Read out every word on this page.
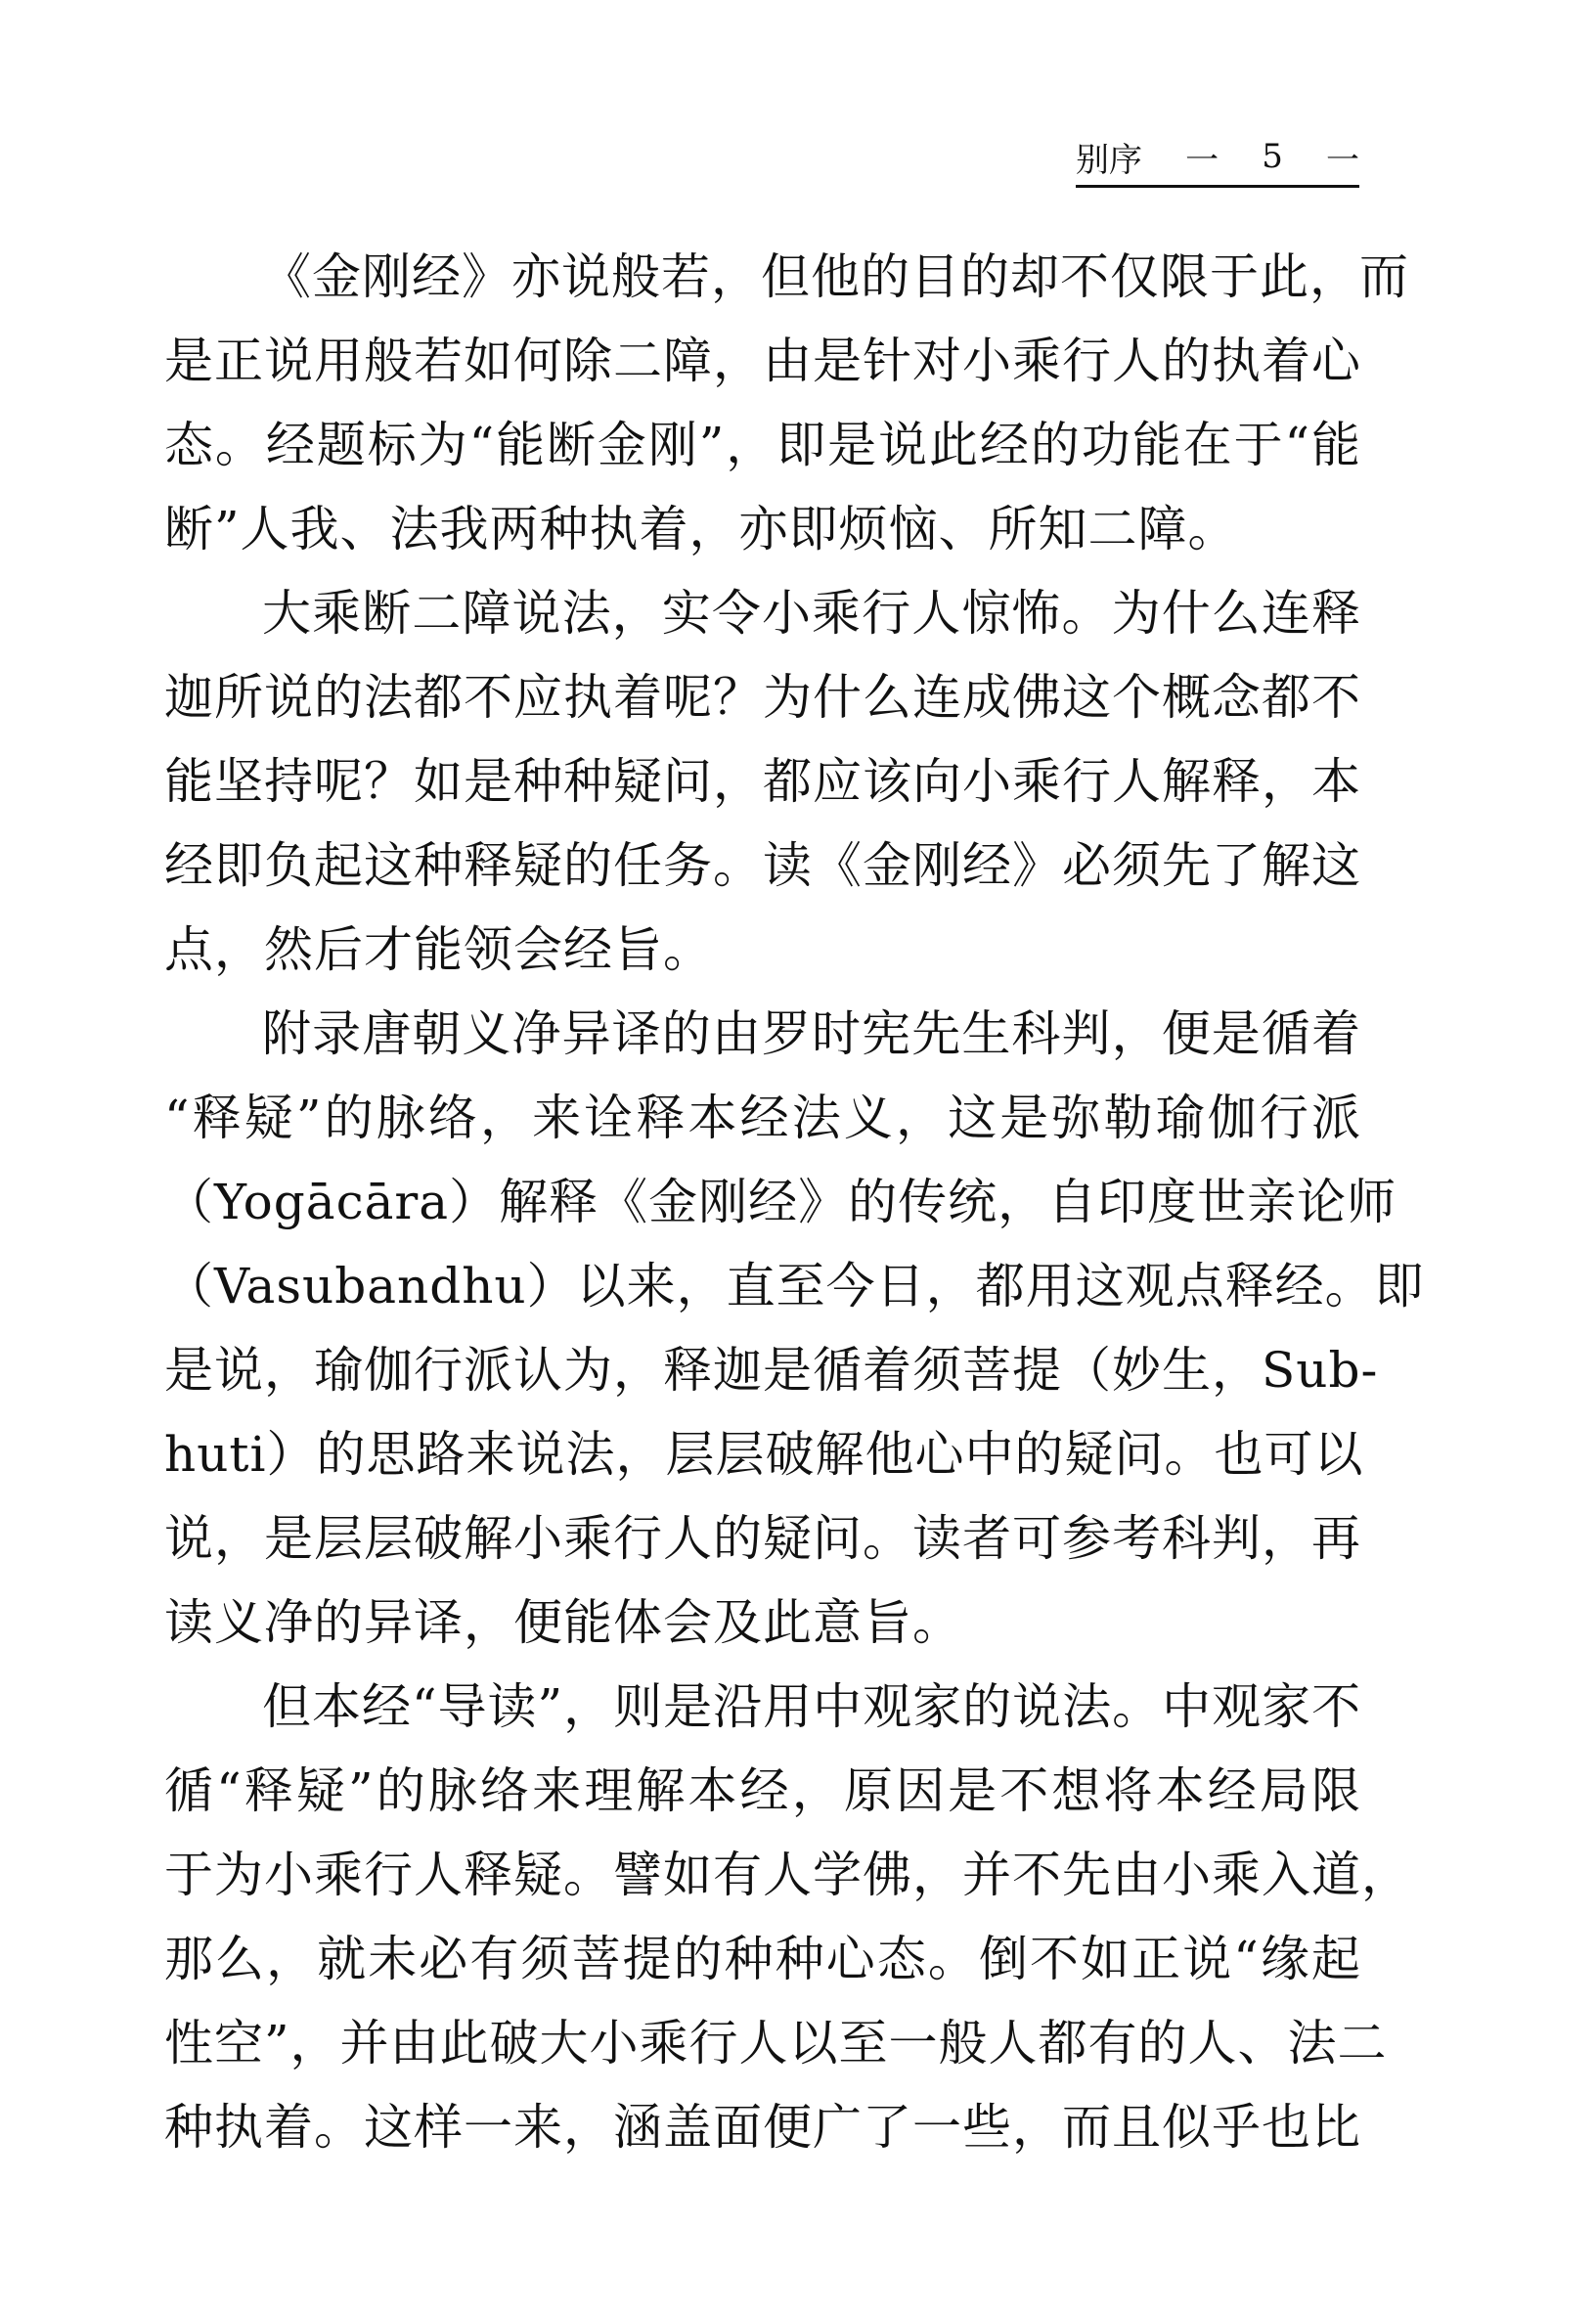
别序 一 5 一
《金刚经》亦说般若，但他的目的却不仅限于此，而
是正说用般若如何除二障，由是针对小乘行人的执着心
态。经题标为“能断金刚”，即是说此经的功能在于“能
断”人我、法我两种执着，亦即烦恼、所知二障。
大乘断二障说法，实令小乘行人惊怖。为什么连释
迦所说的法都不应执着呢？为什么连成佛这个概念都不
能坚持呢？如是种种疑问，都应该向小乘行人解释，本
经即负起这种释疑的任务。读《金刚经》必须先了解这
点，然后才能领会经旨。
附录唐朝义净异译的由罗时宪先生科判，便是循着
“释疑”的脉络，来诠释本经法义，这是弥勒瑜伽行派
（Yogācāra）解释《金刚经》的传统，自印度世亲论师
（Vasubandhu）以来，直至今日，都用这观点释经。即
是说，瑜伽行派认为，释迦是循着须菩提（妙生，Sub-
huti）的思路来说法，层层破解他心中的疑问。也可以
说，是层层破解小乘行人的疑问。读者可参考科判，再
读义净的异译，便能体会及此意旨。
但本经“导读”，则是沿用中观家的说法。中观家不
循“释疑”的脉络来理解本经，原因是不想将本经局限
于为小乘行人释疑。譬如有人学佛，并不先由小乘入道，
那么，就未必有须菩提的种种心态。倒不如正说“缘起
性空”，并由此破大小乘行人以至一般人都有的人、法二
种执着。这样一来，涵盖面便广了一些，而且似乎也比
